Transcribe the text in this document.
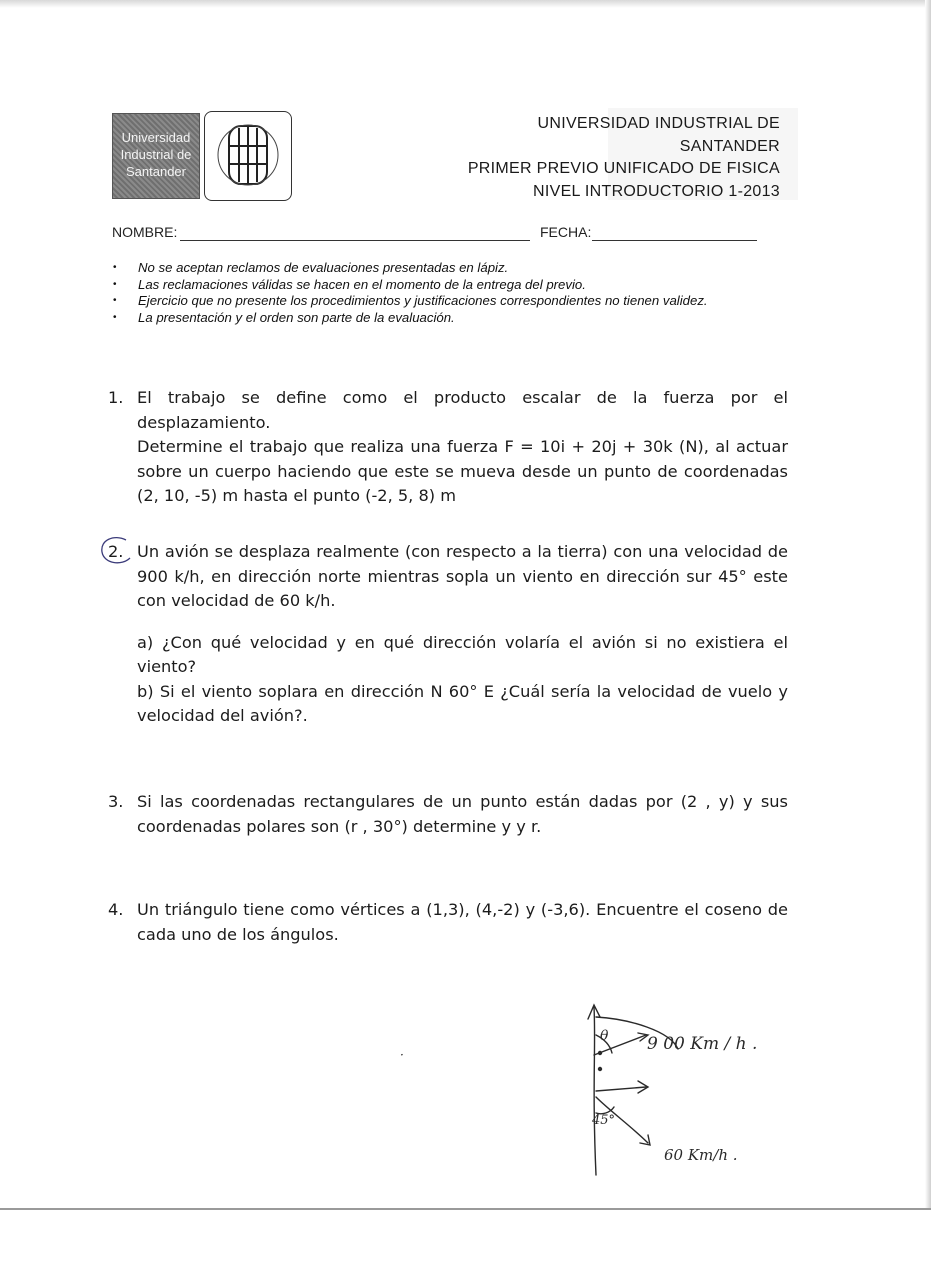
Universidad
Industrial de
Santander
UNIVERSIDAD INDUSTRIAL DE SANTANDER
PRIMER PREVIO UNIFICADO DE FISICA
NIVEL INTRODUCTORIO 1-2013
NOMBRE:	FECHA:
• No se aceptan reclamos de evaluaciones presentadas en lápiz.
• Las reclamaciones válidas se hacen en el momento de la entrega del previo.
• Ejercicio que no presente los procedimientos y justificaciones correspondientes no tienen validez.
• La presentación y el orden son parte de la evaluación.
1. El trabajo se define como el producto escalar de la fuerza por el desplazamiento.

Determine el trabajo que realiza una fuerza F = 10i + 20j + 30k (N), al actuar sobre un cuerpo haciendo que este se mueva desde un punto de coordenadas (2, 10, -5) m hasta el punto (-2, 5, 8) m

2. Un avión se desplaza realmente (con respecto a la tierra) con una velocidad de 900 k/h, en dirección norte mientras sopla un viento en dirección sur 45° este con velocidad de 60 k/h.

a) ¿Con qué velocidad y en qué dirección volaría el avión si no existiera el viento?

b) Si el viento soplara en dirección N 60° E ¿Cuál sería la velocidad de vuelo y velocidad del avión?.

3. Si las coordenadas rectangulares de un punto están dadas por (2 , y) y sus coordenadas polares son (r , 30°) determine y y r.

4. Un triángulo tiene como vértices a (1,3), (4,-2) y (-3,6). Encuentre el coseno de cada uno de los ángulos.

θ 9 00 Km / h .
45°
60 Km/h .
·
